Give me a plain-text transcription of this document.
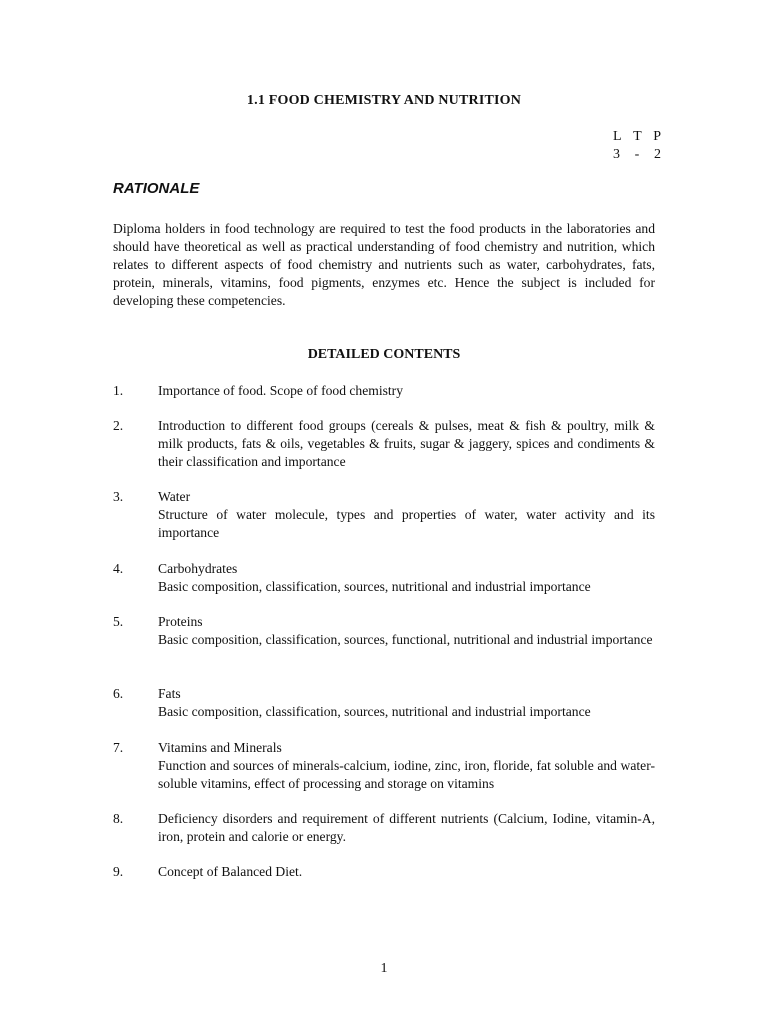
1.1 FOOD CHEMISTRY AND NUTRITION
L T P
3 - 2
RATIONALE
Diploma holders in food technology are required to test the food products in the laboratories and should have theoretical as well as practical understanding of food chemistry and nutrition, which relates to different aspects of food chemistry and nutrients such as water, carbohydrates, fats, protein, minerals, vitamins, food pigments, enzymes etc. Hence the subject is included for developing these competencies.
DETAILED CONTENTS
1.	Importance of food. Scope of food chemistry
2.	Introduction to different food groups (cereals & pulses, meat & fish & poultry, milk & milk products, fats & oils, vegetables & fruits, sugar & jaggery, spices and condiments & their classification and importance
3.	Water
Structure of water molecule, types and properties of water, water activity and its importance
4.	Carbohydrates
Basic composition, classification, sources, nutritional and industrial importance
5.	Proteins
Basic composition, classification, sources, functional, nutritional and industrial importance
6.	Fats
Basic composition, classification, sources, nutritional and industrial importance
7.	Vitamins and Minerals
Function and sources of minerals-calcium, iodine, zinc, iron, floride, fat soluble and water-soluble vitamins, effect of processing and storage on vitamins
8.	Deficiency disorders and requirement of different nutrients (Calcium, Iodine, vitamin-A, iron, protein and calorie or energy.
9.	Concept of Balanced Diet.
1
